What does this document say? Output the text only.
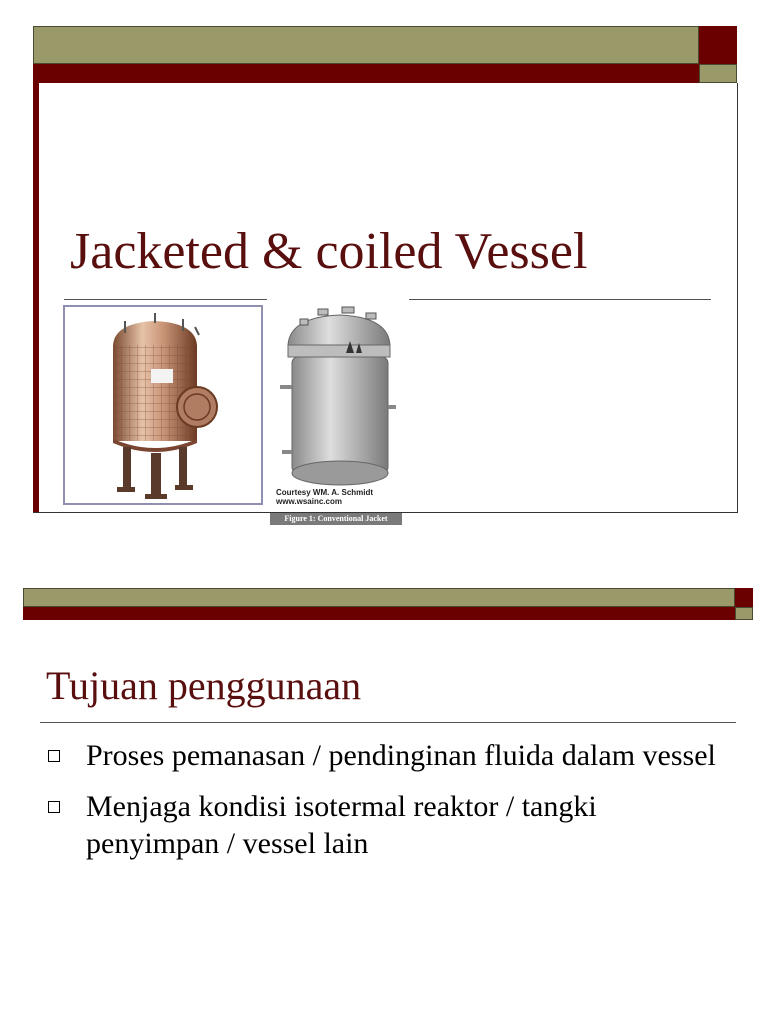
Jacketed & coiled Vessel
Courtesy WM. A. Schmidt
www.wsainc.com
Figure 1: Conventional Jacket
Tujuan penggunaan
Proses pemanasan / pendinginan fluida dalam vessel
Menjaga kondisi isotermal reaktor / tangki penyimpan / vessel lain
